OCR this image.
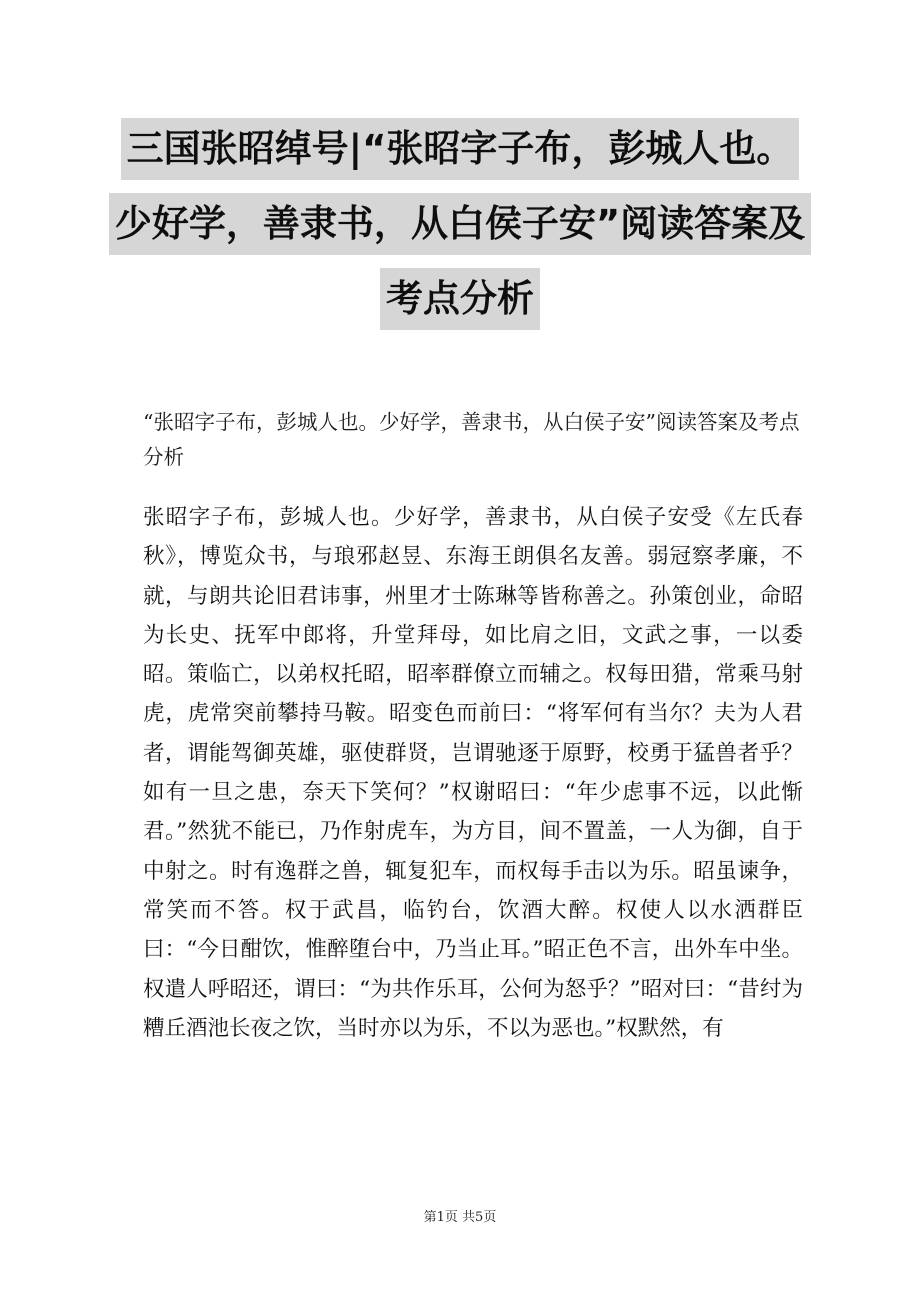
三国张昭绰号|“张昭字子布，彭城人也。
少好学，善隶书，从白侯子安”阅读答案及
考点分析
“张昭字子布，彭城人也。少好学，善隶书，从白侯子安”阅读答案及考点分析
张昭字子布，彭城人也。少好学，善隶书，从白侯子安受《左氏春秋》，博览众书，与琅邪赵昱、东海王朗俱名友善。弱冠察孝廉，不就，与朗共论旧君讳事，州里才士陈琳等皆称善之。孙策创业，命昭为长史、抚军中郎将，升堂拜母，如比肩之旧，文武之事，一以委昭。策临亡，以弟权托昭，昭率群僚立而辅之。权每田猎，常乘马射虎，虎常突前攀持马鞍。昭变色而前曰：“将军何有当尔？夫为人君者，谓能驾御英雄，驱使群贤，岂谓驰逐于原野，校勇于猛兽者乎？如有一旦之患，奈天下笑何？”权谢昭曰：“年少虑事不远，以此惭君。”然犹不能已，乃作射虎车，为方目，间不置盖，一人为御，自于中射之。时有逸群之兽，辄复犯车，而权每手击以为乐。昭虽谏争，常笑而不答。权于武昌，临钓台，饮酒大醉。权使人以水洒群臣曰：“今日酣饮，惟醉堕台中，乃当止耳。”昭正色不言，出外车中坐。权遣人呼昭还，谓曰：“为共作乐耳，公何为怒乎？”昭对曰：“昔纣为糟丘酒池长夜之饮，当时亦以为乐，不以为恶也。”权默然，有
第1页 共5页
